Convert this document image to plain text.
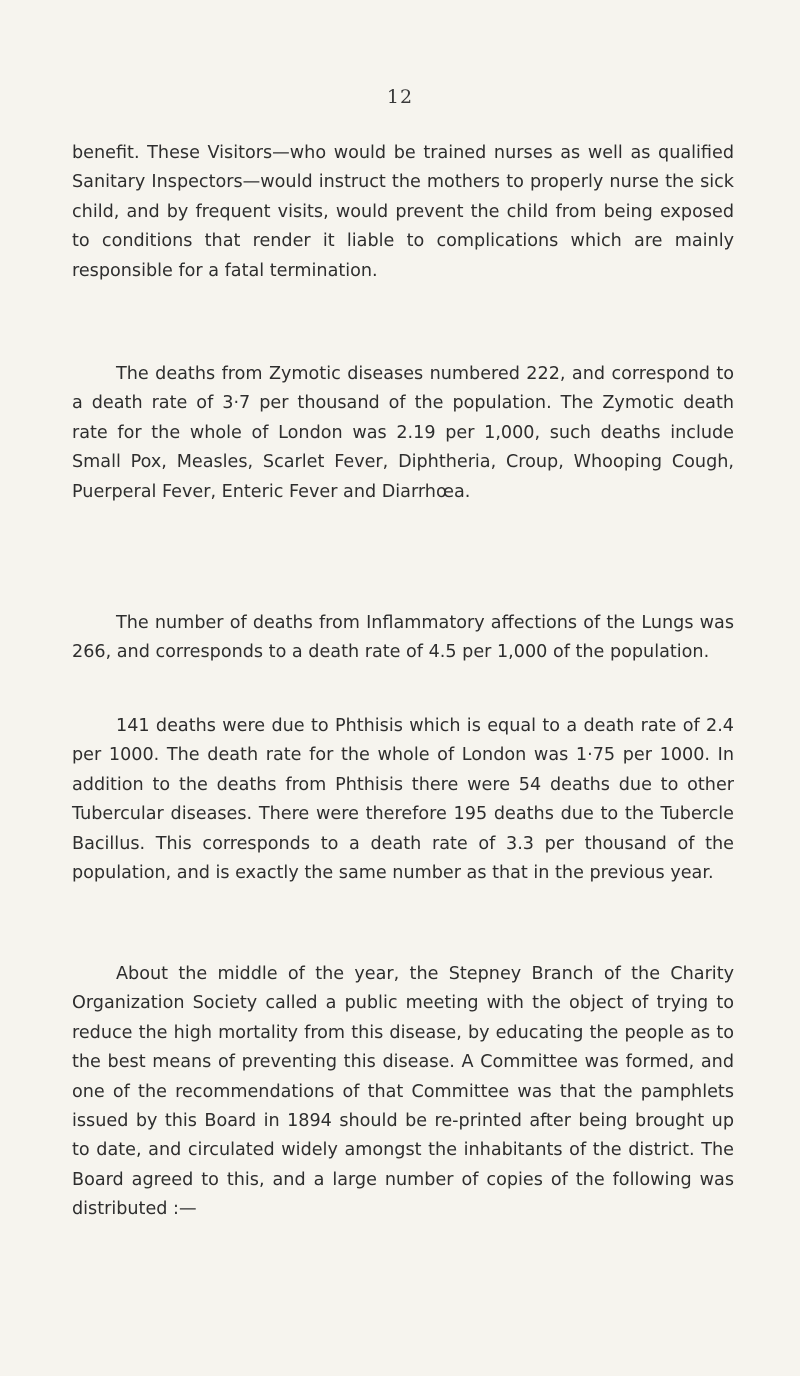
12

benefit. These Visitors—who would be trained nurses as well as qualified Sanitary Inspectors—would instruct the mothers to properly nurse the sick child, and by frequent visits, would prevent the child from being exposed to conditions that render it liable to complications which are mainly responsible for a fatal termination.

The deaths from Zymotic diseases numbered 222, and correspond to a death rate of 3·7 per thousand of the population. The Zymotic death rate for the whole of London was 2.19 per 1,000, such deaths include Small Pox, Measles, Scarlet Fever, Diphtheria, Croup, Whooping Cough, Puerperal Fever, Enteric Fever and Diarrhœa.

The number of deaths from Inflammatory affections of the Lungs was 266, and corresponds to a death rate of 4.5 per 1,000 of the population.

141 deaths were due to Phthisis which is equal to a death rate of 2.4 per 1000. The death rate for the whole of London was 1·75 per 1000. In addition to the deaths from Phthisis there were 54 deaths due to other Tubercular diseases. There were therefore 195 deaths due to the Tubercle Bacillus. This corresponds to a death rate of 3.3 per thousand of the population, and is exactly the same number as that in the previous year.

About the middle of the year, the Stepney Branch of the Charity Organization Society called a public meeting with the object of trying to reduce the high mortality from this disease, by educating the people as to the best means of preventing this disease. A Committee was formed, and one of the recommendations of that Committee was that the pamphlets issued by this Board in 1894 should be re-printed after being brought up to date, and circulated widely amongst the inhabitants of the district. The Board agreed to this, and a large number of copies of the following was distributed :—
